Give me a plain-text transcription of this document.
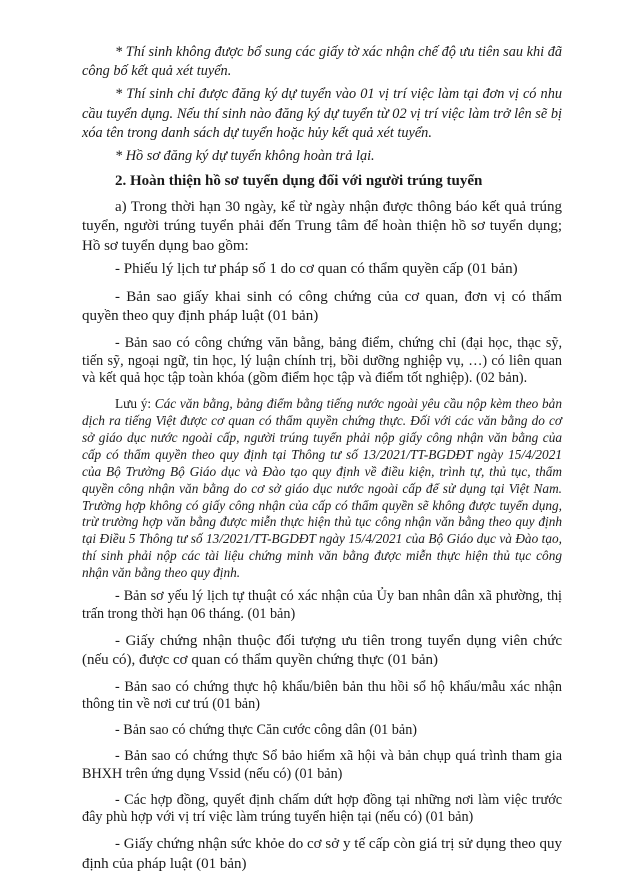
* Thí sinh không được bổ sung các giấy tờ xác nhận chế độ ưu tiên sau khi đã công bố kết quả xét tuyển.

* Thí sinh chỉ được đăng ký dự tuyển vào 01 vị trí việc làm tại đơn vị có nhu cầu tuyển dụng. Nếu thí sinh nào đăng ký dự tuyển từ 02 vị trí việc làm trở lên sẽ bị xóa tên trong danh sách dự tuyển hoặc hủy kết quả xét tuyển.

* Hồ sơ đăng ký dự tuyển không hoàn trả lại.

2. Hoàn thiện hồ sơ tuyển dụng đối với người trúng tuyển

a) Trong thời hạn 30 ngày, kể từ ngày nhận được thông báo kết quả trúng tuyển, người trúng tuyển phải đến Trung tâm để hoàn thiện hồ sơ tuyển dụng; Hồ sơ tuyển dụng bao gồm:

- Phiếu lý lịch tư pháp số 1 do cơ quan có thẩm quyền cấp (01 bản)

- Bản sao giấy khai sinh có công chứng của cơ quan, đơn vị có thẩm quyền theo quy định pháp luật (01 bản)

- Bản sao có công chứng văn bằng, bảng điểm, chứng chỉ (đại học, thạc sỹ, tiến sỹ, ngoại ngữ, tin học, lý luận chính trị, bồi dưỡng nghiệp vụ, …) có liên quan và kết quả học tập toàn khóa (gồm điểm học tập và điểm tốt nghiệp). (02 bản).

Lưu ý: Các văn bằng, bảng điểm bằng tiếng nước ngoài yêu cầu nộp kèm theo bản dịch ra tiếng Việt được cơ quan có thẩm quyền chứng thực. Đối với các văn bằng do cơ sở giáo dục nước ngoài cấp, người trúng tuyển phải nộp giấy công nhận văn bằng của cấp có thẩm quyền theo quy định tại Thông tư số 13/2021/TT-BGDĐT ngày 15/4/2021 của Bộ Trưởng Bộ Giáo dục và Đào tạo quy định về điều kiện, trình tự, thủ tục, thẩm quyền công nhận văn bằng do cơ sở giáo dục nước ngoài cấp để sử dụng tại Việt Nam. Trường hợp không có giấy công nhận của cấp có thẩm quyền sẽ không được tuyển dụng, trừ trường hợp văn bằng được miễn thực hiện thủ tục công nhận văn bằng theo quy định tại Điều 5 Thông tư số 13/2021/TT-BGDĐT ngày 15/4/2021 của Bộ Giáo dục và Đào tạo, thí sinh phải nộp các tài liệu chứng minh văn bằng được miễn thực hiện thủ tục công nhận văn bằng theo quy định.

- Bản sơ yếu lý lịch tự thuật có xác nhận của Ủy ban nhân dân xã phường, thị trấn trong thời hạn 06 tháng. (01 bản)

- Giấy chứng nhận thuộc đối tượng ưu tiên trong tuyển dụng viên chức (nếu có), được cơ quan có thẩm quyền chứng thực (01 bản)

- Bản sao có chứng thực hộ khẩu/biên bản thu hồi sổ hộ khẩu/mẫu xác nhận thông tin về nơi cư trú (01 bản)

- Bản sao có chứng thực Căn cước công dân (01 bản)

- Bản sao có chứng thực Sổ bảo hiểm xã hội và bản chụp quá trình tham gia BHXH trên ứng dụng Vssid (nếu có) (01 bản)

- Các hợp đồng, quyết định chấm dứt hợp đồng tại những nơi làm việc trước đây phù hợp với vị trí việc làm trúng tuyển hiện tại (nếu có) (01 bản)

- Giấy chứng nhận sức khỏe do cơ sở y tế cấp còn giá trị sử dụng theo quy định của pháp luật (01 bản)
